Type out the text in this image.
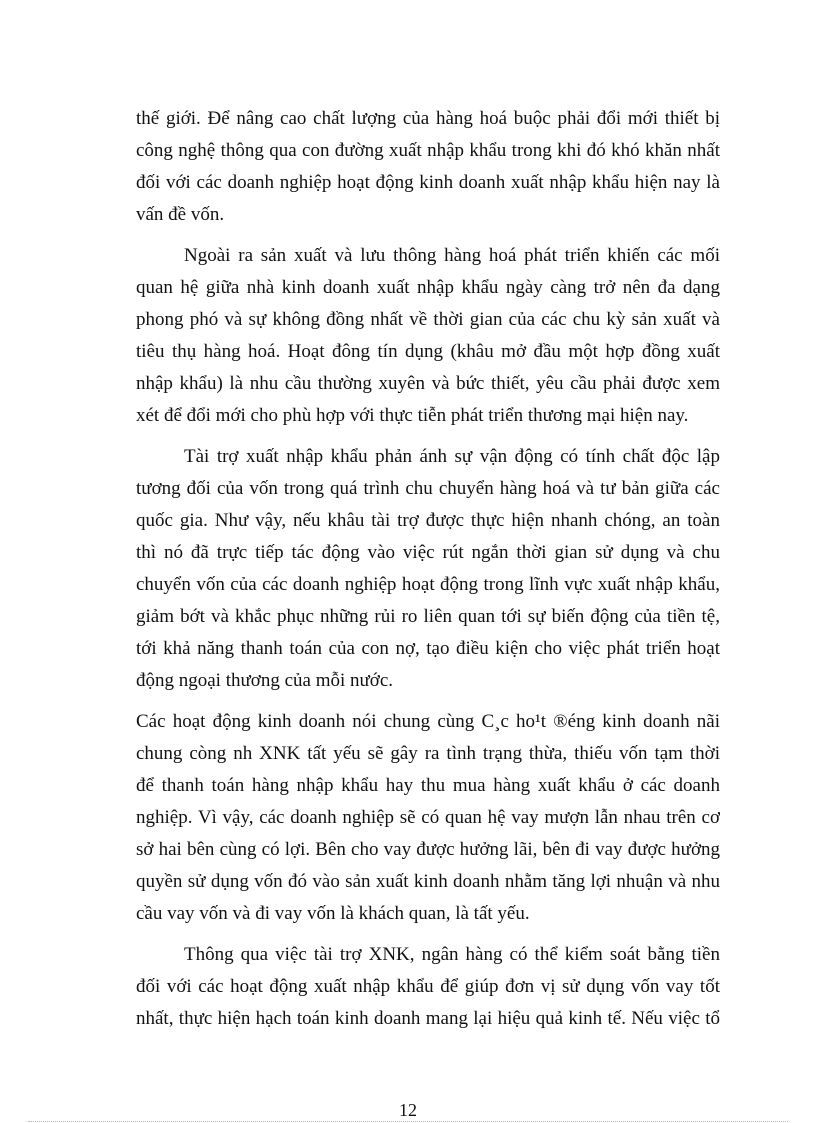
thế giới. Để nâng cao chất lượng của hàng hoá buộc phải đổi mới thiết bị
công nghệ thông qua con đường xuất nhập khẩu trong khi đó khó khăn nhất
đối với các doanh nghiệp hoạt động kinh doanh xuất nhập khẩu hiện nay là
vấn đề vốn.

Ngoài ra sản xuất và lưu thông hàng hoá phát triển khiến các mối
quan hệ giữa nhà kinh doanh xuất nhập khẩu ngày càng trở nên đa dạng
phong phó và sự không đồng nhất về thời gian của các chu kỳ sản xuất và
tiêu thụ hàng hoá. Hoạt đông tín dụng (khâu mở đầu một hợp đồng xuất
nhập khẩu) là nhu cầu thường xuyên và bức thiết, yêu cầu phải được xem
xét để đổi mới cho phù hợp với thực tiễn phát triển thương mại hiện nay.

Tài trợ xuất nhập khẩu phản ánh sự vận động có tính chất độc lập
tương đối của vốn trong quá trình chu chuyển hàng hoá và tư bản giữa các
quốc gia. Như vậy, nếu khâu tài trợ được thực hiện nhanh chóng, an toàn
thì nó đã trực tiếp tác động vào việc rút ngắn thời gian sử dụng và chu
chuyển vốn của các doanh nghiệp hoạt động trong lĩnh vực xuất nhập khẩu,
giảm bớt và khắc phục những rủi ro liên quan tới sự biến động của tiền tệ,
tới khả năng thanh toán của con nợ, tạo điều kiện cho việc phát triển hoạt
động ngoại thương của mỗi nước.

Các hoạt động kinh doanh nói chung cùng C¸c ho¹t ®éng kinh doanh nãi
chung còng nh XNK tất yếu sẽ gây ra tình trạng thừa, thiếu vốn tạm thời
để thanh toán hàng nhập khẩu hay thu mua hàng xuất khẩu ở các doanh
nghiệp. Vì vậy, các doanh nghiệp sẽ có quan hệ vay mượn lẫn nhau trên cơ
sở hai bên cùng có lợi. Bên cho vay được hưởng lãi, bên đi vay được hưởng
quyền sử dụng vốn đó vào sản xuất kinh doanh nhằm tăng lợi nhuận và nhu
cầu vay vốn và đi vay vốn là khách quan, là tất yếu.

Thông qua việc tài trợ XNK, ngân hàng có thể kiểm soát bằng tiền
đối với các hoạt động xuất nhập khẩu để giúp đơn vị sử dụng vốn vay tốt
nhất, thực hiện hạch toán kinh doanh mang lại hiệu quả kinh tế. Nếu việc tổ

12
